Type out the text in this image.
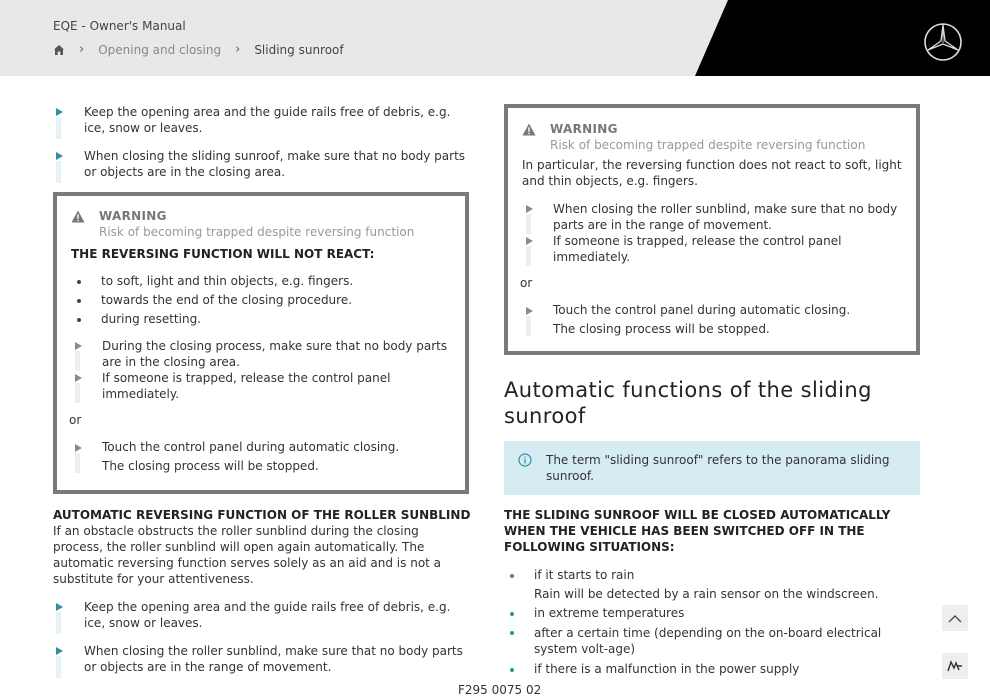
EQE - Owner's Manual
› Opening and closing › Sliding sunroof
Keep the opening area and the guide rails free of debris, e.g. ice, snow or leaves.
When closing the sliding sunroof, make sure that no body parts or objects are in the closing area.
WARNING
Risk of becoming trapped despite reversing function
THE REVERSING FUNCTION WILL NOT REACT:
to soft, light and thin objects, e.g. fingers.
towards the end of the closing procedure.
during resetting.
During the closing process, make sure that no body parts are in the closing area.
If someone is trapped, release the control panel immediately.
or
Touch the control panel during automatic closing.
The closing process will be stopped.
AUTOMATIC REVERSING FUNCTION OF THE ROLLER SUNBLIND
If an obstacle obstructs the roller sunblind during the closing process, the roller sunblind will open again automatically. The automatic reversing function serves solely as an aid and is not a substitute for your attentiveness.
Keep the opening area and the guide rails free of debris, e.g. ice, snow or leaves.
When closing the roller sunblind, make sure that no body parts or objects are in the range of movement.
WARNING
Risk of becoming trapped despite reversing function
In particular, the reversing function does not react to soft, light and thin objects, e.g. fingers.
When closing the roller sunblind, make sure that no body parts are in the range of movement.
If someone is trapped, release the control panel immediately.
or
Touch the control panel during automatic closing.
The closing process will be stopped.
Automatic functions of the sliding sunroof
The term "sliding sunroof" refers to the panorama sliding sunroof.
THE SLIDING SUNROOF WILL BE CLOSED AUTOMATICALLY WHEN THE VEHICLE HAS BEEN SWITCHED OFF IN THE FOLLOWING SITUATIONS:
if it starts to rain
Rain will be detected by a rain sensor on the windscreen.
in extreme temperatures
after a certain time (depending on the on-board electrical system volt-age)
if there is a malfunction in the power supply
F295 0075 02
